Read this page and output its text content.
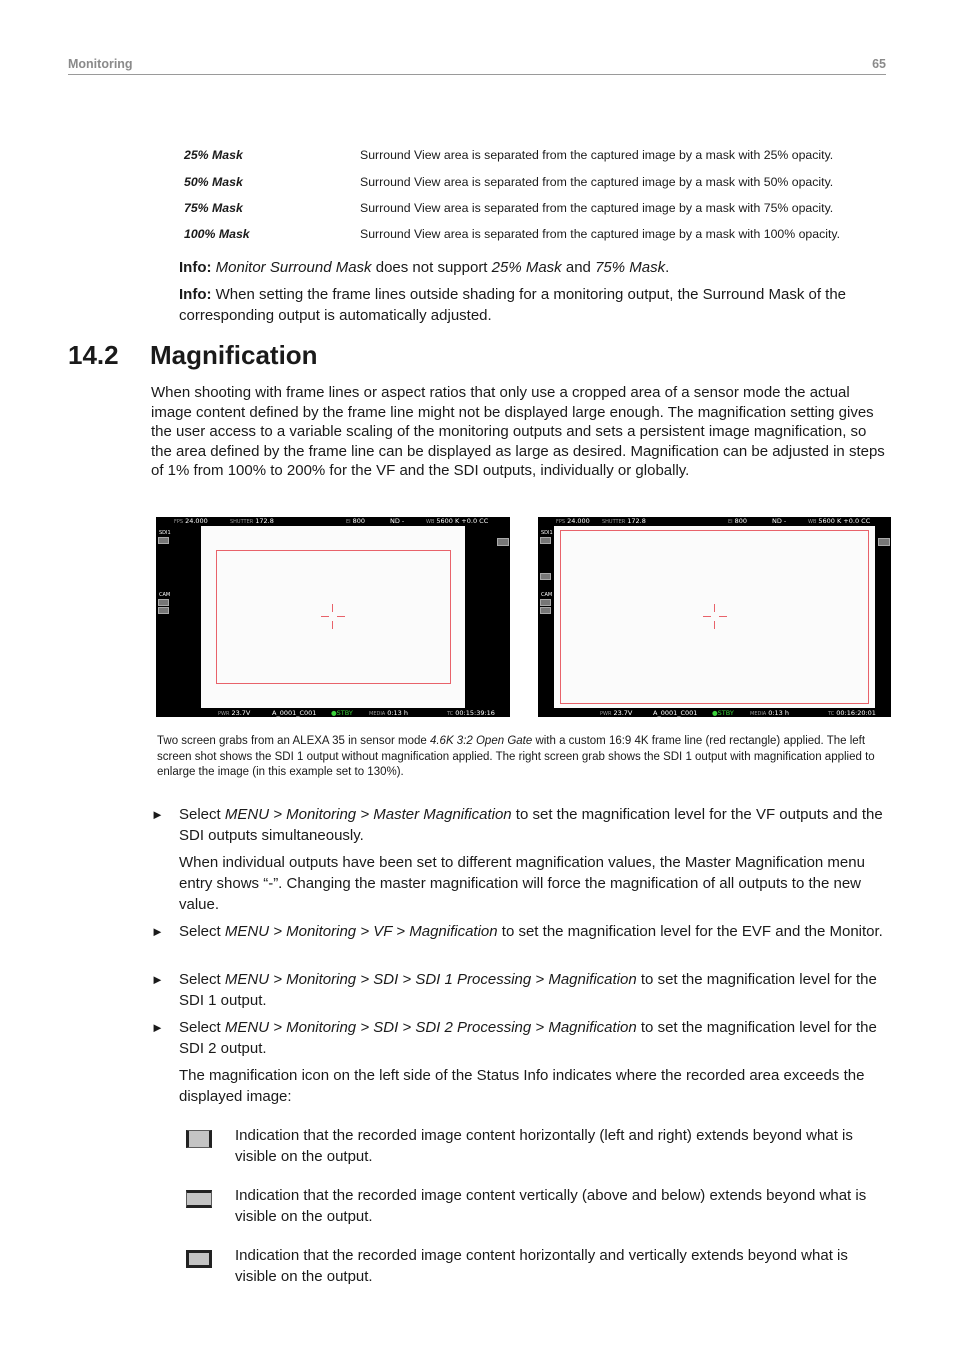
Monitoring	65
25% Mask	Surround View area is separated from the captured image by a mask with 25% opacity.
50% Mask	Surround View area is separated from the captured image by a mask with 50% opacity.
75% Mask	Surround View area is separated from the captured image by a mask with 75% opacity.
100% Mask	Surround View area is separated from the captured image by a mask with 100% opacity.
Info: Monitor Surround Mask does not support 25% Mask and 75% Mask.
Info: When setting the frame lines outside shading for a monitoring output, the Surround Mask of the corresponding output is automatically adjusted.
14.2 Magnification
When shooting with frame lines or aspect ratios that only use a cropped area of a sensor mode the actual image content defined by the frame line might not be displayed large enough. The magnification setting gives the user access to a variable scaling of the monitoring outputs and sets a persistent image magnification, so the area defined by the frame line can be displayed as large as desired. Magnification can be adjusted in steps of 1% from 100% to 200% for the VF and the SDI outputs, individually or globally.
FPS 24.000	SHUTTER 172.8	EI 800	ND -	WB 5600 K +0.0 CC
SDI1
CAM
PWR 23.7V	A_0001_C001 ●STBY	MEDIA 0:13 h	TC 00:15:39:16
FPS 24.000 SHUTTER 172.8	EI 800	ND -	WB 5600 K +0.0 CC
SDI1
CAM
PWR 23.7V	A_0001_C001 ●STBY	MEDIA 0:13 h	TC 00:16:20:01
Two screen grabs from an ALEXA 35 in sensor mode 4.6K 3:2 Open Gate with a custom 16:9 4K frame line (red rectangle) applied. The left screen shot shows the SDI 1 output without magnification applied. The right screen grab shows the SDI 1 output with magnification applied to enlarge the image (in this example set to 130%).
► Select MENU > Monitoring > Master Magnification to set the magnification level for the VF outputs and the SDI outputs simultaneously.
When individual outputs have been set to different magnification values, the Master Magnification menu entry shows “-”. Changing the master magnification will force the magnification of all outputs to the new value.
► Select MENU > Monitoring > VF > Magnification to set the magnification level for the EVF and the Monitor.
► Select MENU > Monitoring > SDI > SDI 1 Processing > Magnification to set the magnification level for the SDI 1 output.
► Select MENU > Monitoring > SDI > SDI 2 Processing > Magnification to set the magnification level for the SDI 2 output.
The magnification icon on the left side of the Status Info indicates where the recorded area exceeds the displayed image:
Indication that the recorded image content horizontally (left and right) extends beyond what is visible on the output.
Indication that the recorded image content vertically (above and below) extends beyond what is visible on the output.
Indication that the recorded image content horizontally and vertically extends beyond what is visible on the output.
